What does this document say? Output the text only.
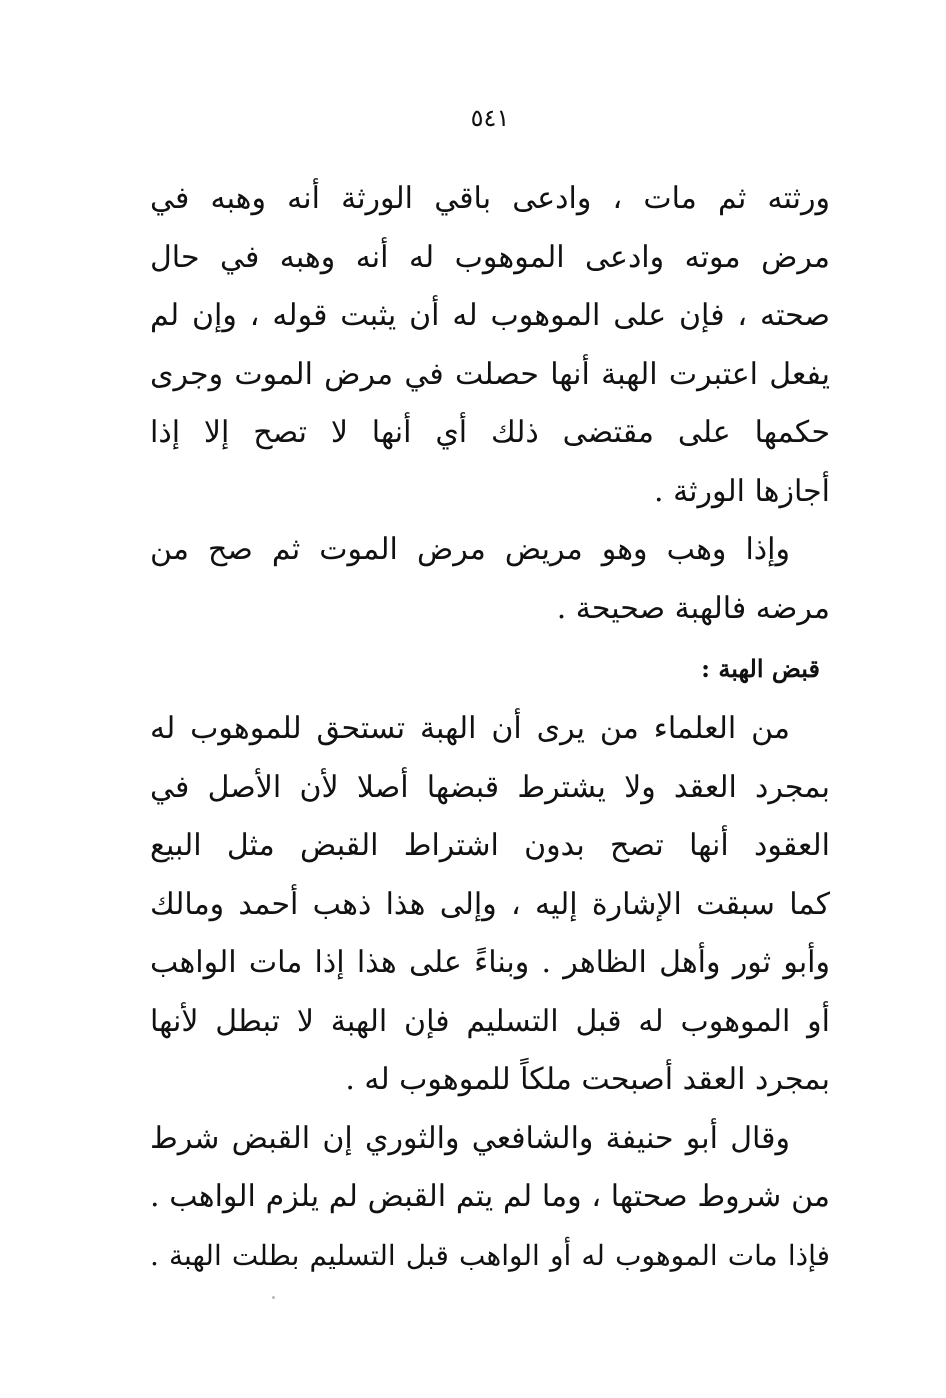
٥٤١
ورثته ثم مات ، وادعى باقي الورثة أنه وهبه في
مرض موته وادعى الموهوب له أنه وهبه في حال
صحته ، فإن على الموهوب له أن يثبت قوله ، وإن لم
يفعل اعتبرت الهبة أنها حصلت في مرض الموت وجرى
حكمها على مقتضى ذلك أي أنها لا تصح إلا إذا
أجازها الورثة .
وإذا وهب وهو مريض مرض الموت ثم صح من
مرضه فالهبة صحيحة .
قبض الهبة :
من العلماء من يرى أن الهبة تستحق للموهوب له
بمجرد العقد ولا يشترط قبضها أصلا لأن الأصل في
العقود أنها تصح بدون اشتراط القبض مثل البيع
كما سبقت الإشارة إليه ، وإلى هذا ذهب أحمد ومالك
وأبو ثور وأهل الظاهر . وبناءً على هذا إذا مات الواهب
أو الموهوب له قبل التسليم فإن الهبة لا تبطل لأنها
بمجرد العقد أصبحت ملكاً للموهوب له .
وقال أبو حنيفة والشافعي والثوري إن القبض شرط
من شروط صحتها ، وما لم يتم القبض لم يلزم الواهب .
فإذا مات الموهوب له أو الواهب قبل التسليم بطلت الهبة .
